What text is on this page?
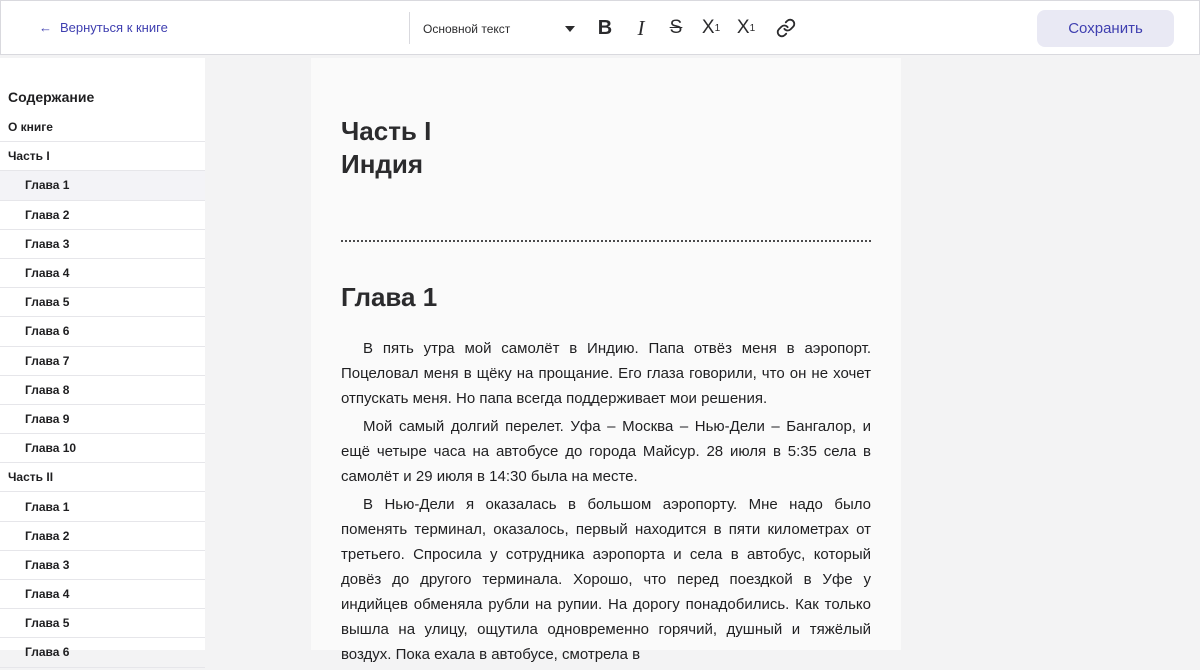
← Вернуться к книге	Основной текст	B	I	S	X 1 X 1	Сохранить
Содержание
О книге
Часть I
Глава 1
Глава 2
Глава 3
Глава 4
Глава 5
Глава 6
Глава 7
Глава 8
Глава 9
Глава 10
Часть II
Глава 1
Глава 2
Глава 3
Глава 4
Глава 5
Глава 6
Часть I
Индия
Глава 1

В пять утра мой самолёт в Индию. Папа отвёз меня в аэропорт. Поцеловал меня в щёку на прощание. Его глаза говорили, что он не хочет отпускать меня. Но папа всегда поддерживает мои решения.

Мой самый долгий перелет. Уфа – Москва – Нью-Дели – Бангалор, и ещё четыре часа на автобусе до города Майсур. 28 июля в 5:35 села в самолёт и 29 июля в 14:30 была на месте.

В Нью-Дели я оказалась в большом аэропорту. Мне надо было поменять терминал, оказалось, первый находится в пяти километрах от третьего. Спросила у сотрудника аэропорта и села в автобус, который довёз до другого терминала. Хорошо, что перед поездкой в Уфе у индийцев обменяла рубли на рупии. На дорогу понадобились. Как только вышла на улицу, ощутила одновременно горячий, душный и тяжёлый воздух. Пока ехала в автобусе, смотрела в
